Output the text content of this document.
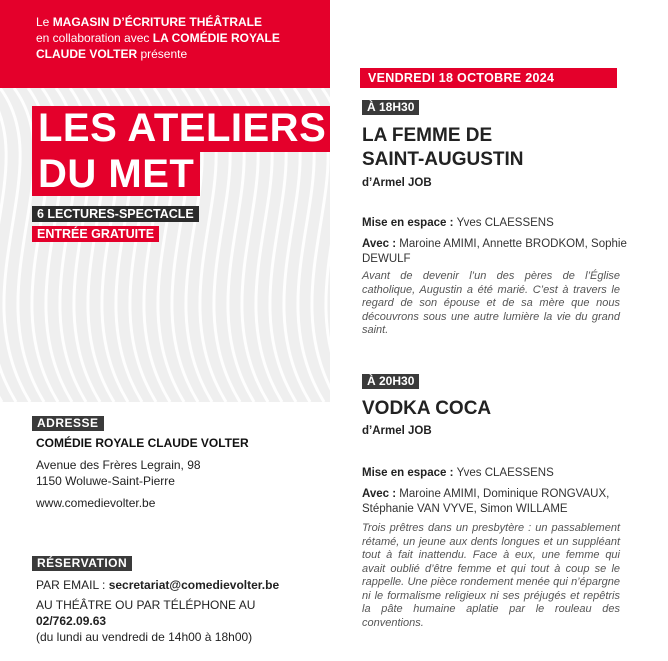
Le MAGASIN D’ÉCRITURE THÉÂTRALE
en collaboration avec LA COMÉDIE ROYALE
CLAUDE VOLTER présente
LES ATELIERS
DU MET
6 LECTURES-SPECTACLE
ENTRÉE GRATUITE
ADRESSE
COMÉDIE ROYALE CLAUDE VOLTER
Avenue des Frères Legrain, 98
1150 Woluwe-Saint-Pierre
www.comedievolter.be
RÉSERVATION
PAR EMAIL : secretariat@comedievolter.be
AU THÉÂTRE OU PAR TÉLÉPHONE AU
02/762.09.63
(du lundi au vendredi de 14h00 à 18h00)
VENDREDI 18 OCTOBRE 2024
À 18H30
LA FEMME DE
SAINT-AUGUSTIN
d’Armel JOB
Mise en espace : Yves CLAESSENS
Avec : Maroine AMIMI, Annette BRODKOM, Sophie DEWULF
Avant de devenir l’un des pères de l’Église catholique, Augustin a été marié. C’est à travers le regard de son épouse et de sa mère que nous découvrons sous une autre lumière la vie du grand saint.
À 20H30
VODKA COCA
d’Armel JOB
Mise en espace : Yves CLAESSENS
Avec : Maroine AMIMI, Dominique RONGVAUX, Stéphanie VAN VYVE, Simon WILLAME
Trois prêtres dans un presbytère : un passablement rétamé, un jeune aux dents longues et un suppléant tout à fait inattendu. Face à eux, une femme qui avait oublié d’être femme et qui tout à coup se le rappelle. Une pièce rondement menée qui n’épargne ni le formalisme religieux ni ses préjugés et repêtris la pâte humaine aplatie par le rouleau des conventions.
